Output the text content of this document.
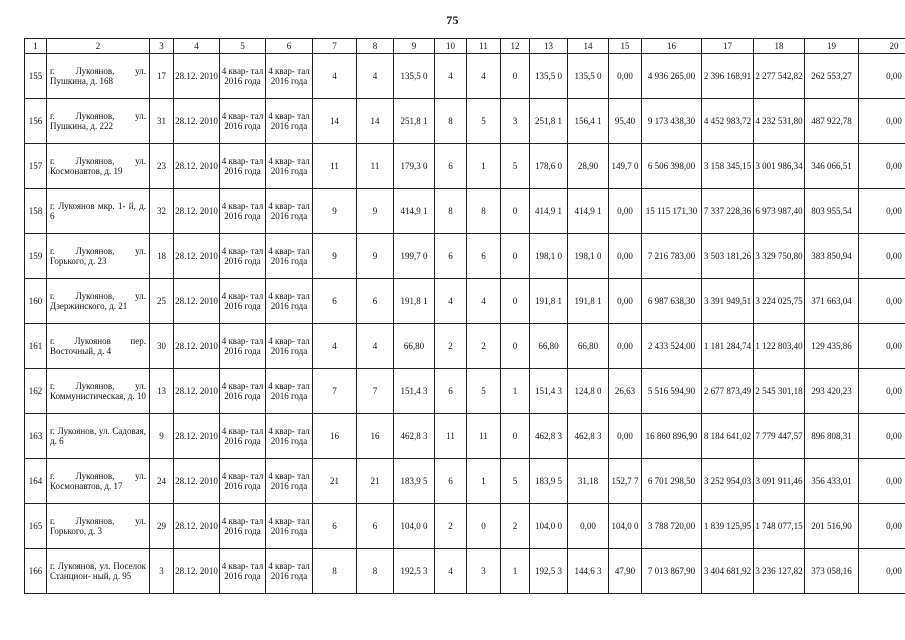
75
1	2	3	4	5	6	7	8	9	10	11	12	13	14	15	16	17	18	19	20
155	г. Лукоянов, ул. Пушкина, д. 168	17	28.12. 2010	4 квар- тал 2016 года	4 квар- тал 2016 года	4	4	135,5 0	4	4	0	135,5 0	135,5 0	0,00	4 936 265,00	2 396 168,91	2 277 542,82	262 553,27	0,00
156	г. Лукоянов, ул. Пушкина, д. 222	31	28.12. 2010	4 квар- тал 2016 года	4 квар- тал 2016 года	14	14	251,8 1	8	5	3	251,8 1	156,4 1	95,40	9 173 438,30	4 452 983,72	4 232 531,80	487 922,78	0,00
157	г. Лукоянов, ул. Космонавтов, д. 19	23	28.12. 2010	4 квар- тал 2016 года	4 квар- тал 2016 года	11	11	179,3 0	6	1	5	178,6 0	28,90	149,7 0	6 506 398,00	3 158 345,15	3 001 986,34	346 066,51	0,00
158	г. Лукоянов мкр. 1- й, д. 6	32	28.12. 2010	4 квар- тал 2016 года	4 квар- тал 2016 года	9	9	414,9 1	8	8	0	414,9 1	414,9 1	0,00	15 115 171,30	7 337 228,36	6 973 987,40	803 955,54	0,00
159	г. Лукоянов, ул. Горького, д. 23	18	28.12. 2010	4 квар- тал 2016 года	4 квар- тал 2016 года	9	9	199,7 0	6	6	0	198,1 0	198,1 0	0,00	7 216 783,00	3 503 181,26	3 329 750,80	383 850,94	0,00
160	г. Лукоянов, ул. Дзержинского, д. 21	25	28.12. 2010	4 квар- тал 2016 года	4 квар- тал 2016 года	6	6	191,8 1	4	4	0	191,8 1	191,8 1	0,00	6 987 638,30	3 391 949,51	3 224 025,75	371 663,04	0,00
161	г. Лукоянов пер. Восточный, д. 4	30	28.12. 2010	4 квар- тал 2016 года	4 квар- тал 2016 года	4	4	66,80	2	2	0	66,80	66,80	0,00	2 433 524,00	1 181 284,74	1 122 803,40	129 435,86	0,00
162	г. Лукоянов, ул. Коммунистическая, д. 10	13	28.12. 2010	4 квар- тал 2016 года	4 квар- тал 2016 года	7	7	151,4 3	6	5	1	151,4 3	124,8 0	26,63	5 516 594,90	2 677 873,49	2 545 301,18	293 420,23	0,00
163	г. Лукоянов, ул. Садовая, д. 6	9	28.12. 2010	4 квар- тал 2016 года	4 квар- тал 2016 года	16	16	462,8 3	11	11	0	462,8 3	462,8 3	0,00	16 860 896,90	8 184 641,02	7 779 447,57	896 808,31	0,00
164	г. Лукоянов, ул. Космонавтов, д. 17	24	28.12. 2010	4 квар- тал 2016 года	4 квар- тал 2016 года	21	21	183,9 5	6	1	5	183,9 5	31,18	152,7 7	6 701 298,50	3 252 954,03	3 091 911,46	356 433,01	0,00
165	г. Лукоянов, ул. Горького, д. 3	29	28.12. 2010	4 квар- тал 2016 года	4 квар- тал 2016 года	6	6	104,0 0	2	0	2	104,0 0	0,00	104,0 0	3 788 720,00	1 839 125,95	1 748 077,15	201 516,90	0,00
166	г. Лукоянов, ул. Поселок Станцион- ный, д. 95	3	28.12. 2010	4 квар- тал 2016 года	4 квар- тал 2016 года	8	8	192,5 3	4	3	1	192,5 3	144,6 3	47,90	7 013 867,90	3 404 681,92	3 236 127,82	373 058,16	0,00
